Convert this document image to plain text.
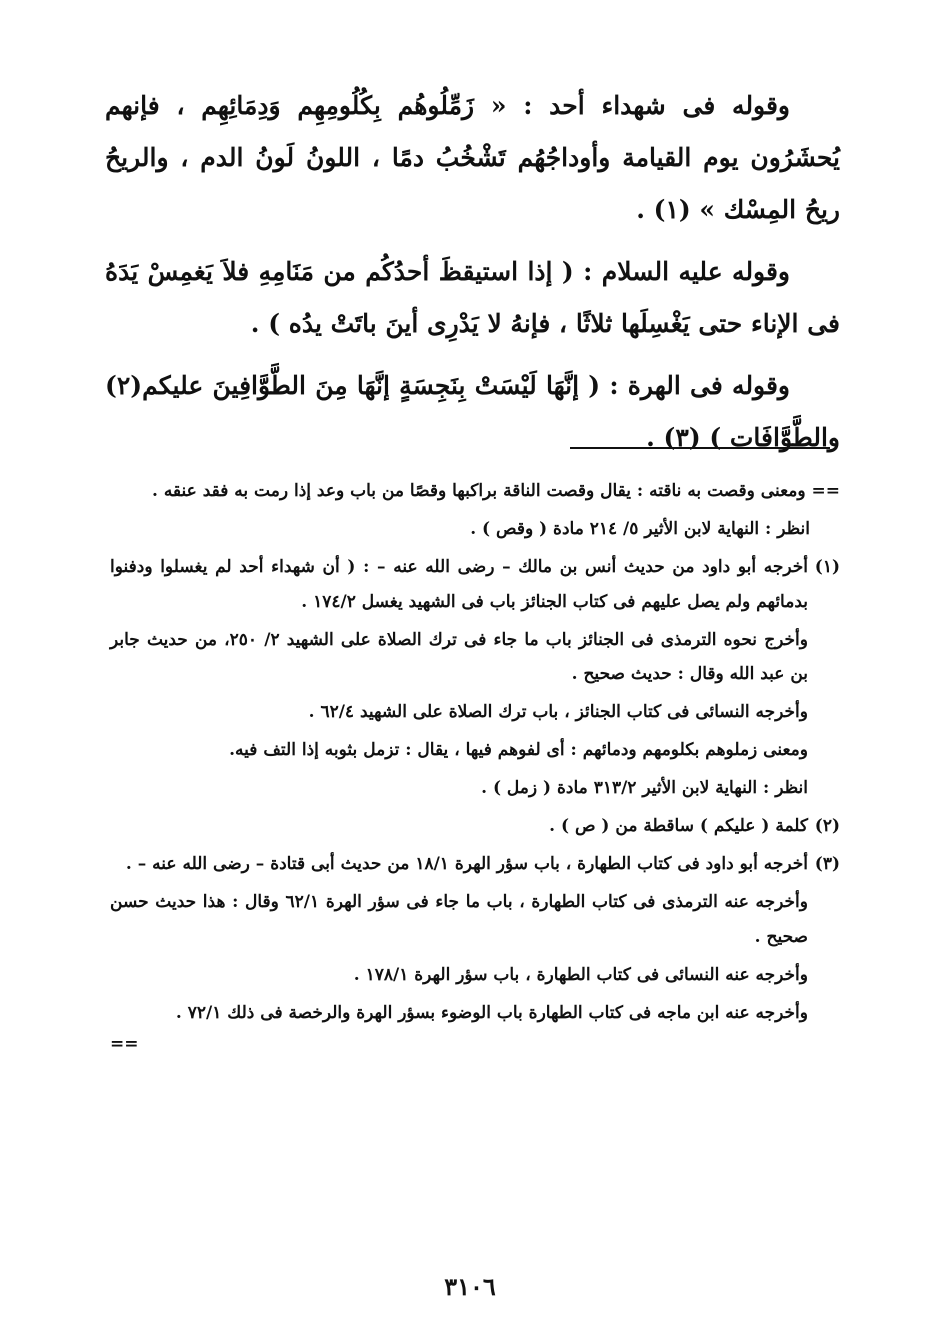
وقوله فى شهداء أحد : « زَمِّلُوهُم بِكُلُومِهِم وَدِمَائِهِم ، فإنهم يُحشَرُون يوم القيامة وأوداجُهُم تَشْخُبُ دمًا ، اللونُ لَونُ الدم ، والريحُ ريحُ المِسْك » (١) .

وقوله عليه السلام : ( إذا استيقظَ أحدُكُم من مَنَامِهِ فلاَ يَغمِسْ يَدَهُ فى الإناء حتى يَغْسِلَها ثلاثًا ، فإنهُ لا يَدْرِى أينَ باتَتْ يدُه ) .

وقوله فى الهرة : ( إنَّهَا لَيْسَتْ بِنَجِسَةٍ إنَّهَا مِنَ الطَّوَّافِينَ عليكم(٢) والطَّوَّافَات ) (٣) .

== ومعنى وقصت به ناقته : يقال وقصت الناقة براكبها وقصًا من باب وعد إذا رمت به فقد عنقه .

انظر : النهاية لابن الأثير ٥/ ٢١٤ مادة ( وقص ) .

(١)أخرجه أبو داود من حديث أنس بن مالك – رضى الله عنه – : ( أن شهداء أحد لم يغسلوا ودفنوا بدمائهم ولم يصل عليهم فى كتاب الجنائز باب فى الشهيد يغسل ١٧٤/٢ .

وأخرج نحوه الترمذى فى الجنائز باب ما جاء فى ترك الصلاة على الشهيد ٢/ ٢٥٠، من حديث جابر بن عبد الله وقال : حديث صحيح .

وأخرجه النسائى فى كتاب الجنائز ، باب ترك الصلاة على الشهيد ٦٢/٤ .

ومعنى زملوهم بكلومهم ودمائهم : أى لفوهم فيها ، يقال : تزمل بثوبه إذا التف فيه.

انظر : النهاية لابن الأثير ٣١٣/٢ مادة ( زمل ) .

(٢)كلمة ( عليكم ) ساقطة من ( ص ) .

(٣)أخرجه أبو داود فى كتاب الطهارة ، باب سؤر الهرة ١٨/١ من حديث أبى قتادة – رضى الله عنه – .

وأخرجه عنه الترمذى فى كتاب الطهارة ، باب ما جاء فى سؤر الهرة ٦٢/١ وقال : هذا حديث حسن صحيح .

وأخرجه عنه النسائى فى كتاب الطهارة ، باب سؤر الهرة ١٧٨/١ .

وأخرجه عنه ابن ماجه فى كتاب الطهارة باب الوضوء بسؤر الهرة والرخصة فى ذلك ٧٢/١ .

==

٣١٠٦
